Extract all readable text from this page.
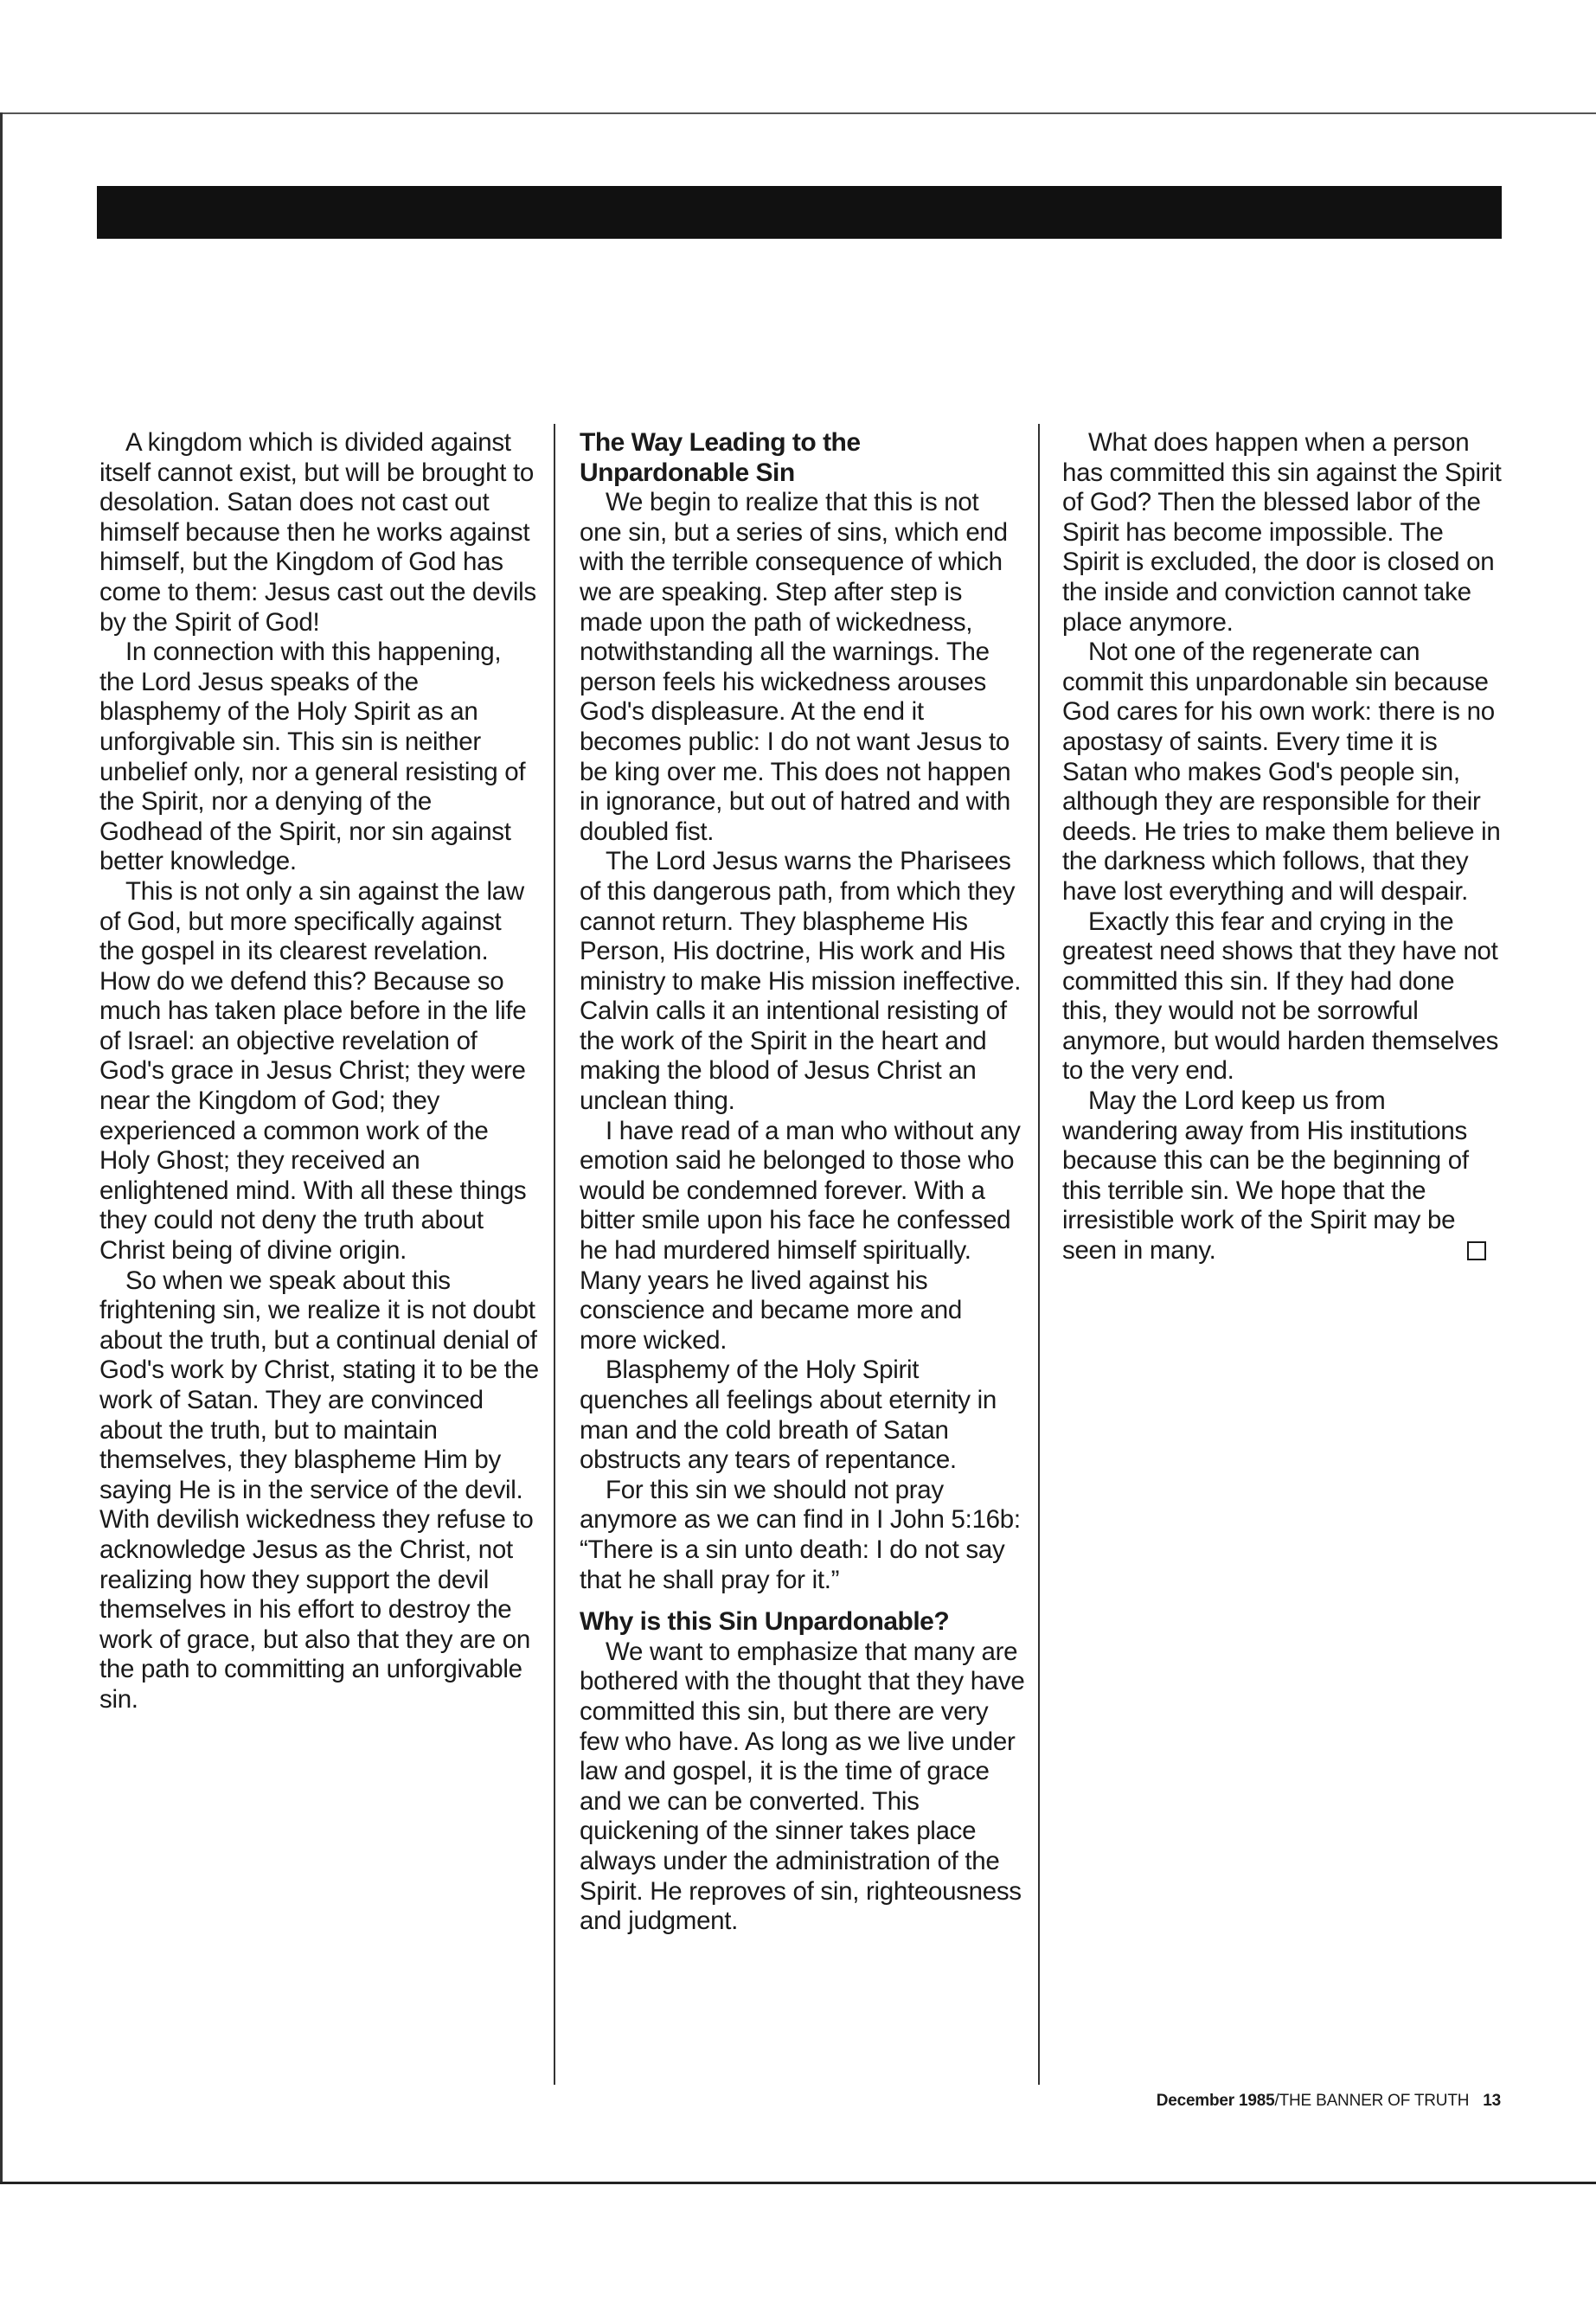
A kingdom which is divided against itself cannot exist, but will be brought to desolation. Satan does not cast out himself because then he works against himself, but the Kingdom of God has come to them: Jesus cast out the devils by the Spirit of God!

In connection with this happening, the Lord Jesus speaks of the blasphemy of the Holy Spirit as an unforgivable sin. This sin is neither unbelief only, nor a general resisting of the Spirit, nor a denying of the Godhead of the Spirit, nor sin against better knowledge.

This is not only a sin against the law of God, but more specifically against the gospel in its clearest revelation. How do we defend this? Because so much has taken place before in the life of Israel: an objective revelation of God's grace in Jesus Christ; they were near the Kingdom of God; they experienced a common work of the Holy Ghost; they received an enlightened mind. With all these things they could not deny the truth about Christ being of divine origin.

So when we speak about this frightening sin, we realize it is not doubt about the truth, but a continual denial of God's work by Christ, stating it to be the work of Satan. They are convinced about the truth, but to maintain themselves, they blaspheme Him by saying He is in the service of the devil. With devilish wickedness they refuse to acknowledge Jesus as the Christ, not realizing how they support the devil themselves in his effort to destroy the work of grace, but also that they are on the path to committing an unforgivable sin.

The Way Leading to the Unpardonable Sin

We begin to realize that this is not one sin, but a series of sins, which end with the terrible consequence of which we are speaking. Step after step is made upon the path of wickedness, notwithstanding all the warnings. The person feels his wickedness arouses God's displeasure. At the end it becomes public: I do not want Jesus to be king over me. This does not happen in ignorance, but out of hatred and with doubled fist.

The Lord Jesus warns the Pharisees of this dangerous path, from which they cannot return. They blaspheme His Person, His doctrine, His work and His ministry to make His mission ineffective. Calvin calls it an intentional resisting of the work of the Spirit in the heart and making the blood of Jesus Christ an unclean thing.

I have read of a man who without any emotion said he belonged to those who would be condemned forever. With a bitter smile upon his face he confessed he had murdered himself spiritually. Many years he lived against his conscience and became more and more wicked.

Blasphemy of the Holy Spirit quenches all feelings about eternity in man and the cold breath of Satan obstructs any tears of repentance.

For this sin we should not pray anymore as we can find in I John 5:16b: “There is a sin unto death: I do not say that he shall pray for it.”

Why is this Sin Unpardonable?

We want to emphasize that many are bothered with the thought that they have committed this sin, but there are very few who have. As long as we live under law and gospel, it is the time of grace and we can be converted. This quickening of the sinner takes place always under the administration of the Spirit. He reproves of sin, righteousness and judgment.

What does happen when a person has committed this sin against the Spirit of God? Then the blessed labor of the Spirit has become impossible. The Spirit is excluded, the door is closed on the inside and conviction cannot take place anymore.

Not one of the regenerate can commit this unpardonable sin because God cares for his own work: there is no apostasy of saints. Every time it is Satan who makes God's people sin, although they are responsible for their deeds. He tries to make them believe in the darkness which follows, that they have lost everything and will despair.

Exactly this fear and crying in the greatest need shows that they have not committed this sin. If they had done this, they would not be sorrowful anymore, but would harden themselves to the very end.

May the Lord keep us from wandering away from His institutions because this can be the beginning of this terrible sin. We hope that the irresistible work of the Spirit may be seen in many.

December 1985/THE BANNER OF TRUTH 13
